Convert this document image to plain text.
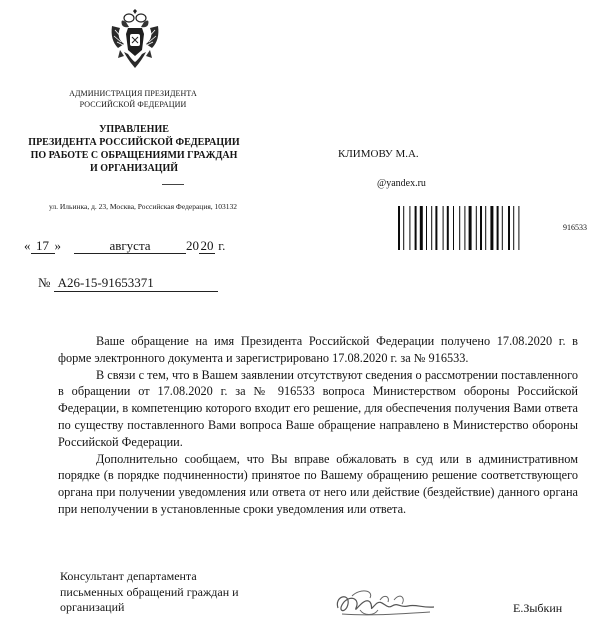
АДМИНИСТРАЦИЯ ПРЕЗИДЕНТА
РОССИЙСКОЙ ФЕДЕРАЦИИ
УПРАВЛЕНИЕ
ПРЕЗИДЕНТА РОССИЙСКОЙ ФЕДЕРАЦИИ
ПО РАБОТЕ С ОБРАЩЕНИЯМИ ГРАЖДАН
И ОРГАНИЗАЦИЙ
ул. Ильинка, д. 23, Москва, Российская Федерация, 103132
КЛИМОВУ М.А.
@yandex.ru
916533
« 17 »	августа	20 20 г.
№ А26-15-91653371

Ваше обращение на имя Президента Российской Федерации получено 17.08.2020 г. в форме электронного документа и зарегистрировано 17.08.2020 г. за № 916533.

В связи с тем, что в Вашем заявлении отсутствуют сведения о рассмотрении поставленного в обращении от 17.08.2020 г. за № 916533 вопроса Министерством обороны Российской Федерации, в компетенцию которого входит его решение, для обеспечения получения Вами ответа по существу поставленного Вами вопроса Ваше обращение направлено в Министерство обороны Российской Федерации.

Дополнительно сообщаем, что Вы вправе обжаловать в суд или в административном порядке (в порядке подчиненности) принятое по Вашему обращению решение соответствующего органа при получении уведомления или ответа от него или действие (бездействие) данного органа при неполучении в установленные сроки уведомления или ответа.

Консультант департамента
письменных обращений граждан и
организаций	Е.Зыбкин
